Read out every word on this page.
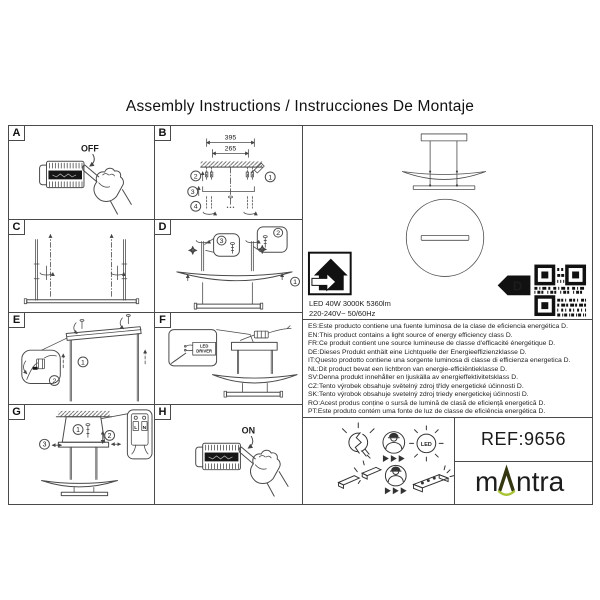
Assembly Instructions / Instrucciones De Montaje
A
OFF
B	395
265
2
3
4
1
C	D
3
2
1
E
1
2
F
LED
DRIVER
G
1
2
3
L N
H
ON
LED 40W 3000K 5360lm
220-240V~ 50/60Hz
D
ES:Este producto contiene una fuente luminosa de la clase de eficiencia energética D.
EN:This product contains a light source of energy efficiency class D.
FR:Ce produit contient une source lumineuse de classe d'efficacité énergétique D.
DE:Dieses Produkt enthält eine Lichtquelle der Energieeffizienzklasse D.
IT:Questo prodotto contiene una sorgente luminosa di classe di efficienza energetica D.
NL:Dit product bevat een lichtbron van energie-efficiëntieklasse D.
SV:Denna produkt innehåller en ljuskälla av energieffektivitetsklass D.
CZ:Tento výrobek obsahuje světelný zdroj třídy energetické účinnosti D.
SK:Tento výrobok obsahuje svetelný zdroj triedy energetickej účinnosti D.
RO:Acest produs conține o sursă de lumină de clasă de eficiență energetică D.
PT:Este produto contém uma fonte de luz de classe de eficiência energética D.
LED	REF:9656
m ntra
